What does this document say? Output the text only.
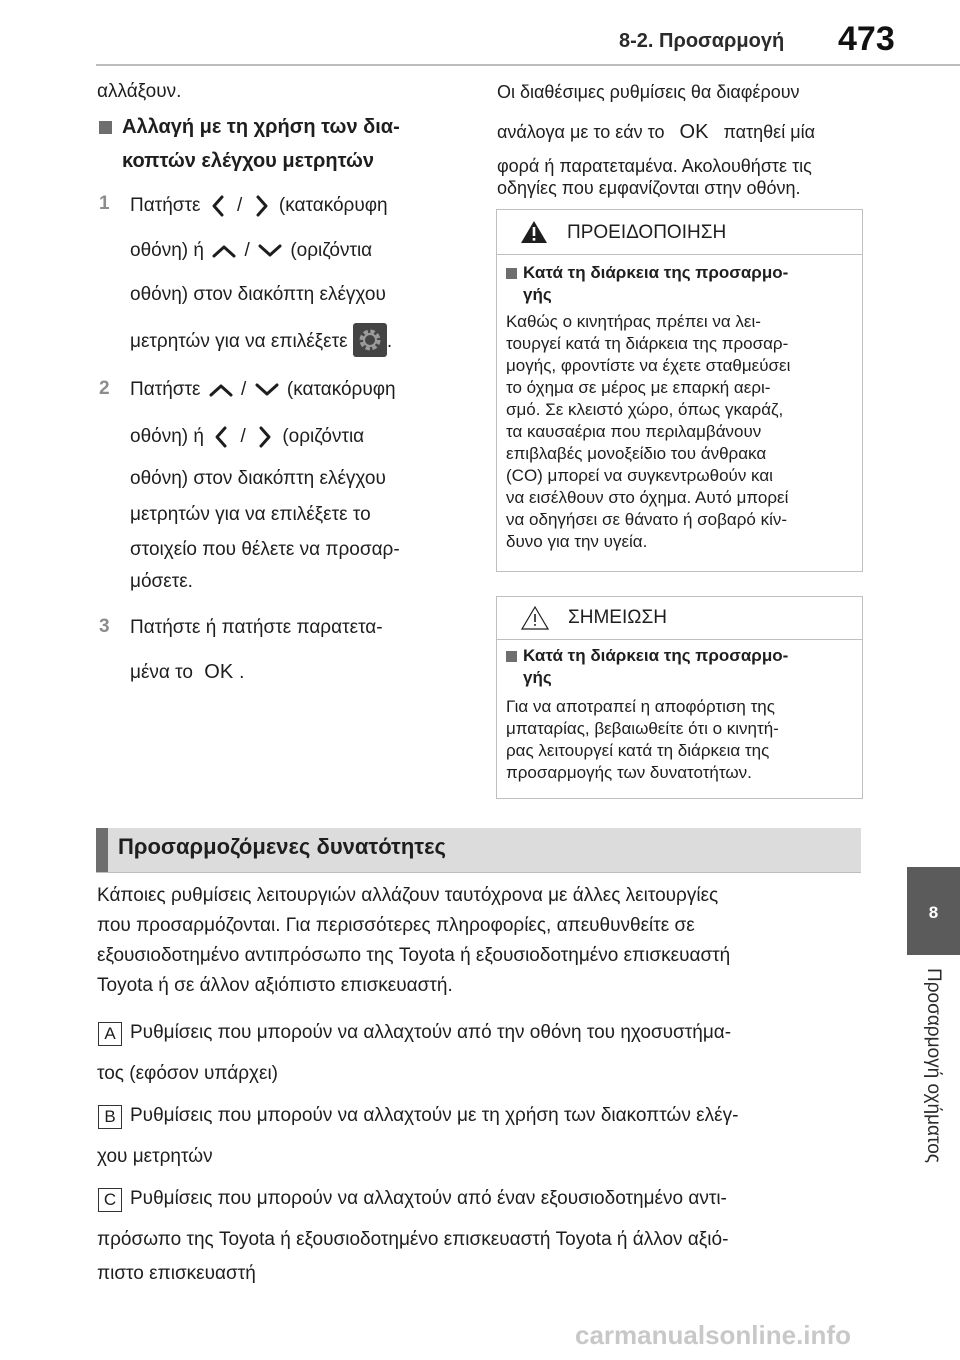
8-2. Προσαρμογή 473
8
Προσαρμογή οχήματος
αλλάξουν.
Αλλαγή με τη χρήση των δια-
κοπτών ελέγχου μετρητών
1 Πατήστε / (κατακόρυφη
οθόνη) ή / (οριζόντια
οθόνη) στον διακόπτη ελέγχου
μετρητών για να επιλέξετε .
2 Πατήστε / (κατακόρυφη
οθόνη) ή / (οριζόντια
οθόνη) στον διακόπτη ελέγχου
μετρητών για να επιλέξετε το
στοιχείο που θέλετε να προσαρ-
μόσετε.
3 Πατήστε ή πατήστε παρατετα-
μένα το OK .
Οι διαθέσιμες ρυθμίσεις θα διαφέρουν
ανάλογα με το εάν το OK πατηθεί μία
φορά ή παρατεταμένα. Ακολουθήστε τις
οδηγίες που εμφανίζονται στην οθόνη.
ΠΡΟΕΙΔΟΠΟΙΗΣΗ
Κατά τη διάρκεια της προσαρμο-
γής
Καθώς ο κινητήρας πρέπει να λει-
τουργεί κατά τη διάρκεια της προσαρ-
μογής, φροντίστε να έχετε σταθμεύσει
το όχημα σε μέρος με επαρκή αερι-
σμό. Σε κλειστό χώρο, όπως γκαράζ,
τα καυσαέρια που περιλαμβάνουν
επιβλαβές μονοξείδιο του άνθρακα
(CO) μπορεί να συγκεντρωθούν και
να εισέλθουν στο όχημα. Αυτό μπορεί
να οδηγήσει σε θάνατο ή σοβαρό κίν-
δυνο για την υγεία.
ΣΗΜΕΙΩΣΗ
Κατά τη διάρκεια της προσαρμο-
γής
Για να αποτραπεί η αποφόρτιση της
μπαταρίας, βεβαιωθείτε ότι ο κινητή-
ρας λειτουργεί κατά τη διάρκεια της
προσαρμογής των δυνατοτήτων.
Προσαρμοζόμενες δυνατότητες
Κάποιες ρυθμίσεις λειτουργιών αλλάζουν ταυτόχρονα με άλλες λειτουργίες
που προσαρμόζονται. Για περισσότερες πληροφορίες, απευθυνθείτε σε
εξουσιοδοτημένο αντιπρόσωπο της Toyota ή εξουσιοδοτημένο επισκευαστή
Toyota ή σε άλλον αξιόπιστο επισκευαστή.
A Ρυθμίσεις που μπορούν να αλλαχτούν από την οθόνη του ηχοσυστήμα-
τος (εφόσον υπάρχει)
B Ρυθμίσεις που μπορούν να αλλαχτούν με τη χρήση των διακοπτών ελέγ-
χου μετρητών
C Ρυθμίσεις που μπορούν να αλλαχτούν από έναν εξουσιοδοτημένο αντι-
πρόσωπο της Toyota ή εξουσιοδοτημένο επισκευαστή Toyota ή άλλον αξιό-
πιστο επισκευαστή
carmanualsonline.info
